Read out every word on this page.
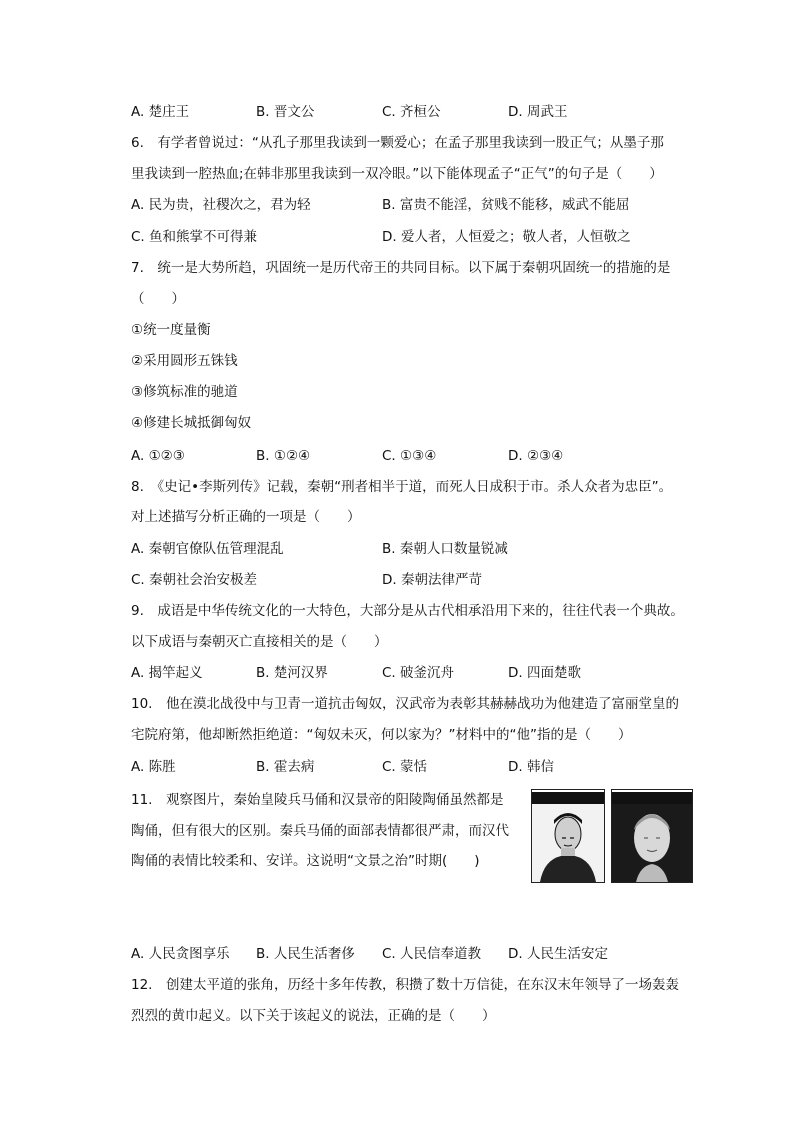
A. 楚庄王	B. 晋文公	C. 齐桓公	D. 周武王
6.　有学者曾说过：“从孔子那里我读到一颗爱心；在孟子那里我读到一股正气；从墨子那
里我读到一腔热血;在韩非那里我读到一双冷眼。”以下能体现孟子“正气”的句子是（　　）
A. 民为贵，社稷次之，君为轻	B. 富贵不能淫，贫贱不能移，威武不能屈
C. 鱼和熊掌不可得兼	D. 爱人者，人恒爱之；敬人者，人恒敬之
7.　统一是大势所趋，巩固统一是历代帝王的共同目标。以下属于秦朝巩固统一的措施的是
（　　）
①统一度量衡
②采用圆形五铢钱
③修筑标准的驰道
④修建长城抵御匈奴
A. ①②③	B. ①②④	C. ①③④	D. ②③④
8.　《史记•李斯列传》记载，秦朝“刑者相半于道，而死人日成积于市。杀人众者为忠臣”。
对上述描写分析正确的一项是（　　）
A. 秦朝官僚队伍管理混乱	B. 秦朝人口数量锐减
C. 秦朝社会治安极差	D. 秦朝法律严苛
9.　成语是中华传统文化的一大特色，大部分是从古代相承沿用下来的，往往代表一个典故。
以下成语与秦朝灭亡直接相关的是（　　）
A. 揭竿起义	B. 楚河汉界	C. 破釜沉舟	D. 四面楚歌
10.　他在漠北战役中与卫青一道抗击匈奴，汉武帝为表彰其赫赫战功为他建造了富丽堂皇的
宅院府第，他却断然拒绝道：“匈奴未灭，何以家为？”材料中的“他”指的是（　　）
A. 陈胜	B. 霍去病	C. 蒙恬	D. 韩信
11.　观察图片，秦始皇陵兵马俑和汉景帝的阳陵陶俑虽然都是
陶俑，但有很大的区别。秦兵马俑的面部表情都很严肃，而汉代
陶俑的表情比较柔和、安详。这说明“文景之治”时期(　　)
A. 人民贪图享乐 B. 人民生活奢侈 C. 人民信奉道教 D. 人民生活安定
12.　创建太平道的张角，历经十多年传教，积攒了数十万信徒，在东汉末年领导了一场轰轰
烈烈的黄巾起义。以下关于该起义的说法，正确的是（　　）
